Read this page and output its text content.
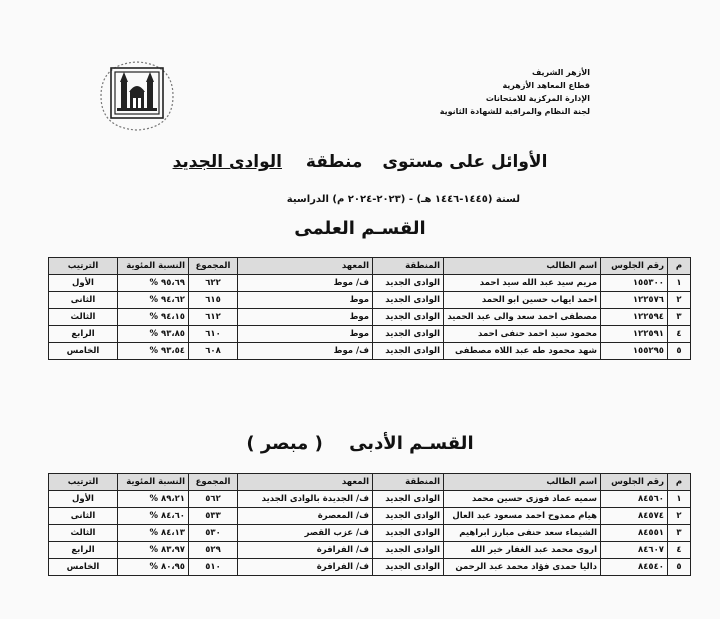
الأزهر الشريف
قطاع المعاهد الأزهرية
الإدارة المركزية للامتحانات
لجنة النظام والمراقبة للشهادة الثانوية
الأوائل على مستوى منطقة الوادى الجديد
لسنة (١٤٤٥-١٤٤٦ هـ) - (٢٠٢٣-٢٠٢٤ م) الدراسية
القسـم العلمى
م	رقم الجلوس	اسم الطالب	المنطقة	المعهد	المجموع	النسبة المئوية	الترتيب
١	١٥٥٣٠٠	مريم سيد عبد الله سيد احمد	الوادى الجديد	ف/ موط	٦٢٢	٩٥،٦٩ %	الأول
٢	١٢٢٥٧٦	احمد ايهاب حسين ابو الحمد	الوادى الجديد	موط	٦١٥	٩٤،٦٢ %	الثانى
٣	١٢٢٥٩٤	مصطفى احمد سعد والى عبد الحميد	الوادى الجديد	موط	٦١٢	٩٤،١٥ %	الثالث
٤	١٢٢٥٩١	محمود سيد احمد حنفى احمد	الوادى الجديد	موط	٦١٠	٩٣،٨٥ %	الرابع
٥	١٥٥٢٩٥	شهد محمود طه عبد اللاه مصطفى	الوادى الجديد	ف/ موط	٦٠٨	٩٣،٥٤ %	الخامس
القسـم الأدبى ( مبصر )
م	رقم الجلوس	اسم الطالب	المنطقة	المعهد	المجموع	النسبة المئوية	الترتيب
١	٨٤٥٦٠	سميه عماد فوزى حسين محمد	الوادى الجديد	ف/ الجديدة بالوادى الجديد	٥٦٢	٨٩،٢١ %	الأول
٢	٨٤٥٧٤	هيام ممدوح احمد مسعود عبد العال	الوادى الجديد	ف/ المعصرة	٥٣٣	٨٤،٦٠ %	الثانى
٣	٨٤٥٥١	الشيماء سعد حنفى مبارز ابراهيم	الوادى الجديد	ف/ عزب القصر	٥٣٠	٨٤،١٣ %	الثالث
٤	٨٤٦٠٧	اروى محمد عبد الغفار خير الله	الوادى الجديد	ف/ الفرافرة	٥٢٩	٨٣،٩٧ %	الرابع
٥	٨٤٥٤٠	داليا حمدى فؤاد محمد عبد الرحمن	الوادى الجديد	ف/ الفرافرة	٥١٠	٨٠،٩٥ %	الخامس
